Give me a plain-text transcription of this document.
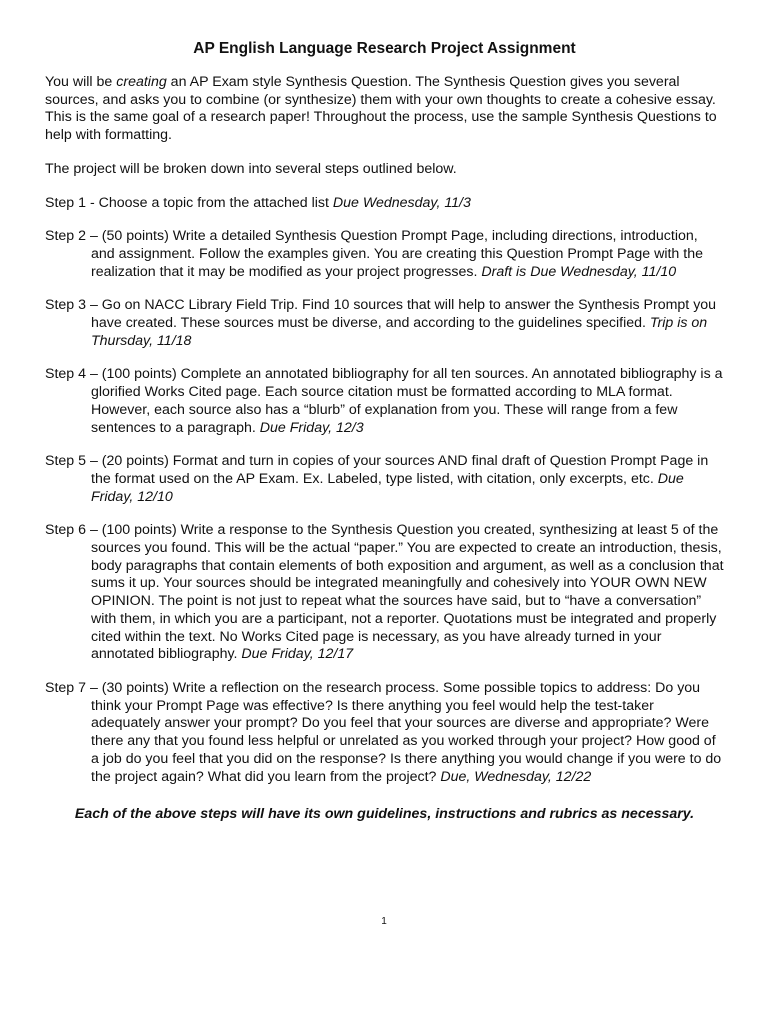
AP English Language Research Project Assignment

You will be creating an AP Exam style Synthesis Question. The Synthesis Question gives you several sources, and asks you to combine (or synthesize) them with your own thoughts to create a cohesive essay. This is the same goal of a research paper! Throughout the process, use the sample Synthesis Questions to help with formatting.

The project will be broken down into several steps outlined below.

Step 1 - Choose a topic from the attached list Due Wednesday, 11/3

Step 2 – (50 points) Write a detailed Synthesis Question Prompt Page, including directions, introduction, and assignment. Follow the examples given. You are creating this Question Prompt Page with the realization that it may be modified as your project progresses. Draft is Due Wednesday, 11/10

Step 3 – Go on NACC Library Field Trip. Find 10 sources that will help to answer the Synthesis Prompt you have created. These sources must be diverse, and according to the guidelines specified. Trip is on Thursday, 11/18

Step 4 – (100 points) Complete an annotated bibliography for all ten sources. An annotated bibliography is a glorified Works Cited page. Each source citation must be formatted according to MLA format. However, each source also has a “blurb” of explanation from you. These will range from a few sentences to a paragraph. Due Friday, 12/3

Step 5 – (20 points) Format and turn in copies of your sources AND final draft of Question Prompt Page in the format used on the AP Exam. Ex. Labeled, type listed, with citation, only excerpts, etc. Due Friday, 12/10

Step 6 – (100 points) Write a response to the Synthesis Question you created, synthesizing at least 5 of the sources you found. This will be the actual “paper.” You are expected to create an introduction, thesis, body paragraphs that contain elements of both exposition and argument, as well as a conclusion that sums it up. Your sources should be integrated meaningfully and cohesively into YOUR OWN NEW OPINION. The point is not just to repeat what the sources have said, but to “have a conversation” with them, in which you are a participant, not a reporter. Quotations must be integrated and properly cited within the text. No Works Cited page is necessary, as you have already turned in your annotated bibliography. Due Friday, 12/17

Step 7 – (30 points) Write a reflection on the research process. Some possible topics to address: Do you think your Prompt Page was effective? Is there anything you feel would help the test-taker adequately answer your prompt? Do you feel that your sources are diverse and appropriate? Were there any that you found less helpful or unrelated as you worked through your project? How good of a job do you feel that you did on the response? Is there anything you would change if you were to do the project again? What did you learn from the project? Due, Wednesday, 12/22

Each of the above steps will have its own guidelines, instructions and rubrics as necessary.
1
